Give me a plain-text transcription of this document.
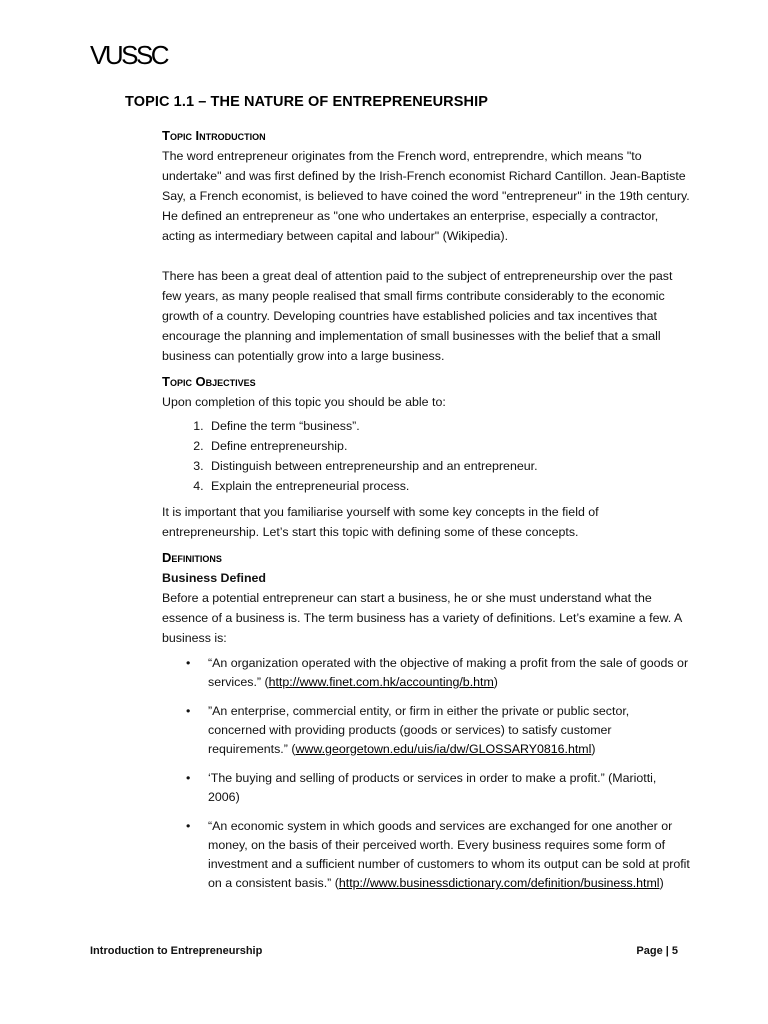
VUSSC
TOPIC 1.1 – THE NATURE OF ENTREPRENEURSHIP
Topic Introduction

The word entrepreneur originates from the French word, entreprendre, which means "to undertake" and was first defined by the Irish-French economist Richard Cantillon. Jean-Baptiste Say, a French economist, is believed to have coined the word "entrepreneur" in the 19th century. He defined an entrepreneur as "one who undertakes an enterprise, especially a contractor, acting as intermediary between capital and labour" (Wikipedia).

There has been a great deal of attention paid to the subject of entrepreneurship over the past few years, as many people realised that small firms contribute considerably to the economic growth of a country. Developing countries have established policies and tax incentives that encourage the planning and implementation of small businesses with the belief that a small business can potentially grow into a large business.

Topic Objectives

Upon completion of this topic you should be able to:

1. Define the term “business”.
2. Define entrepreneurship.
3. Distinguish between entrepreneurship and an entrepreneur.
4. Explain the entrepreneurial process.

It is important that you familiarise yourself with some key concepts in the field of entrepreneurship. Let’s start this topic with defining some of these concepts.

Definitions
Business Defined

Before a potential entrepreneur can start a business, he or she must understand what the essence of a business is. The term business has a variety of definitions. Let’s examine a few. A business is:

• “An organization operated with the objective of making a profit from the sale of goods or services.” (http://www.finet.com.hk/accounting/b.htm)
• ”An enterprise, commercial entity, or firm in either the private or public sector, concerned with providing products (goods or services) to satisfy customer requirements.” (www.georgetown.edu/uis/ia/dw/GLOSSARY0816.html)
• ‘The buying and selling of products or services in order to make a profit.” (Mariotti, 2006)
• “An economic system in which goods and services are exchanged for one another or money, on the basis of their perceived worth. Every business requires some form of investment and a sufficient number of customers to whom its output can be sold at profit on a consistent basis.” (http://www.businessdictionary.com/definition/business.html)
Introduction to Entrepreneurship	Page | 5
